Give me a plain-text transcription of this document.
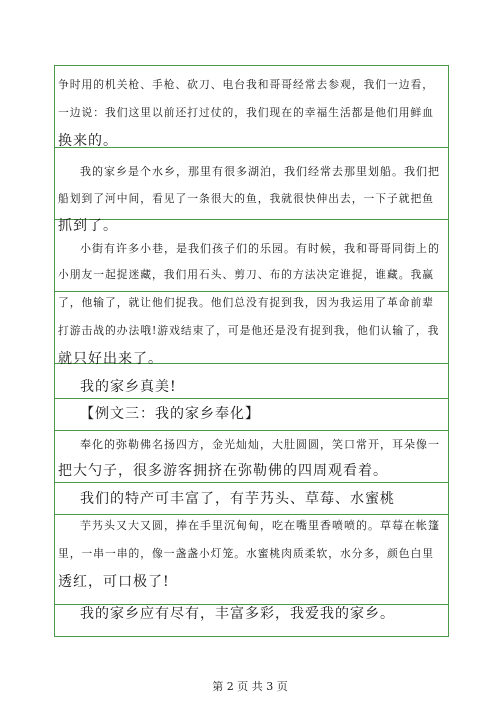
争时用的机关枪、手枪、砍刀、电台我和哥哥经常去参观，我们一边看，
一边说：我们这里以前还打过仗的，我们现在的幸福生活都是他们用鲜血
换来的。
我的家乡是个水乡，那里有很多湖泊，我们经常去那里划船。我们把
船划到了河中间，看见了一条很大的鱼，我就很快伸出去，一下子就把鱼
抓到了。
小街有许多小巷，是我们孩子们的乐园。有时候，我和哥哥同街上的
小朋友一起捉迷藏，我们用石头、剪刀、布的方法决定谁捉，谁藏。我赢
了，他输了，就让他们捉我。他们总没有捉到我，因为我运用了革命前辈
打游击战的办法哦!游戏结束了，可是他还是没有捉到我，他们认输了，我
就只好出来了。
我的家乡真美!
【例文三：我的家乡奉化】
奉化的弥勒佛名扬四方，金光灿灿，大肚圆圆，笑口常开，耳朵像一
把大勺子，很多游客拥挤在弥勒佛的四周观看着。
我们的特产可丰富了，有芋艿头、草莓、水蜜桃
芋艿头又大又圆，捧在手里沉甸甸，吃在嘴里香喷喷的。草莓在帐篷
里，一串一串的，像一盏盏小灯笼。水蜜桃肉质柔软，水分多，颜色白里
透红，可口极了!
我的家乡应有尽有，丰富多彩，我爱我的家乡。
第 2 页 共 3 页
